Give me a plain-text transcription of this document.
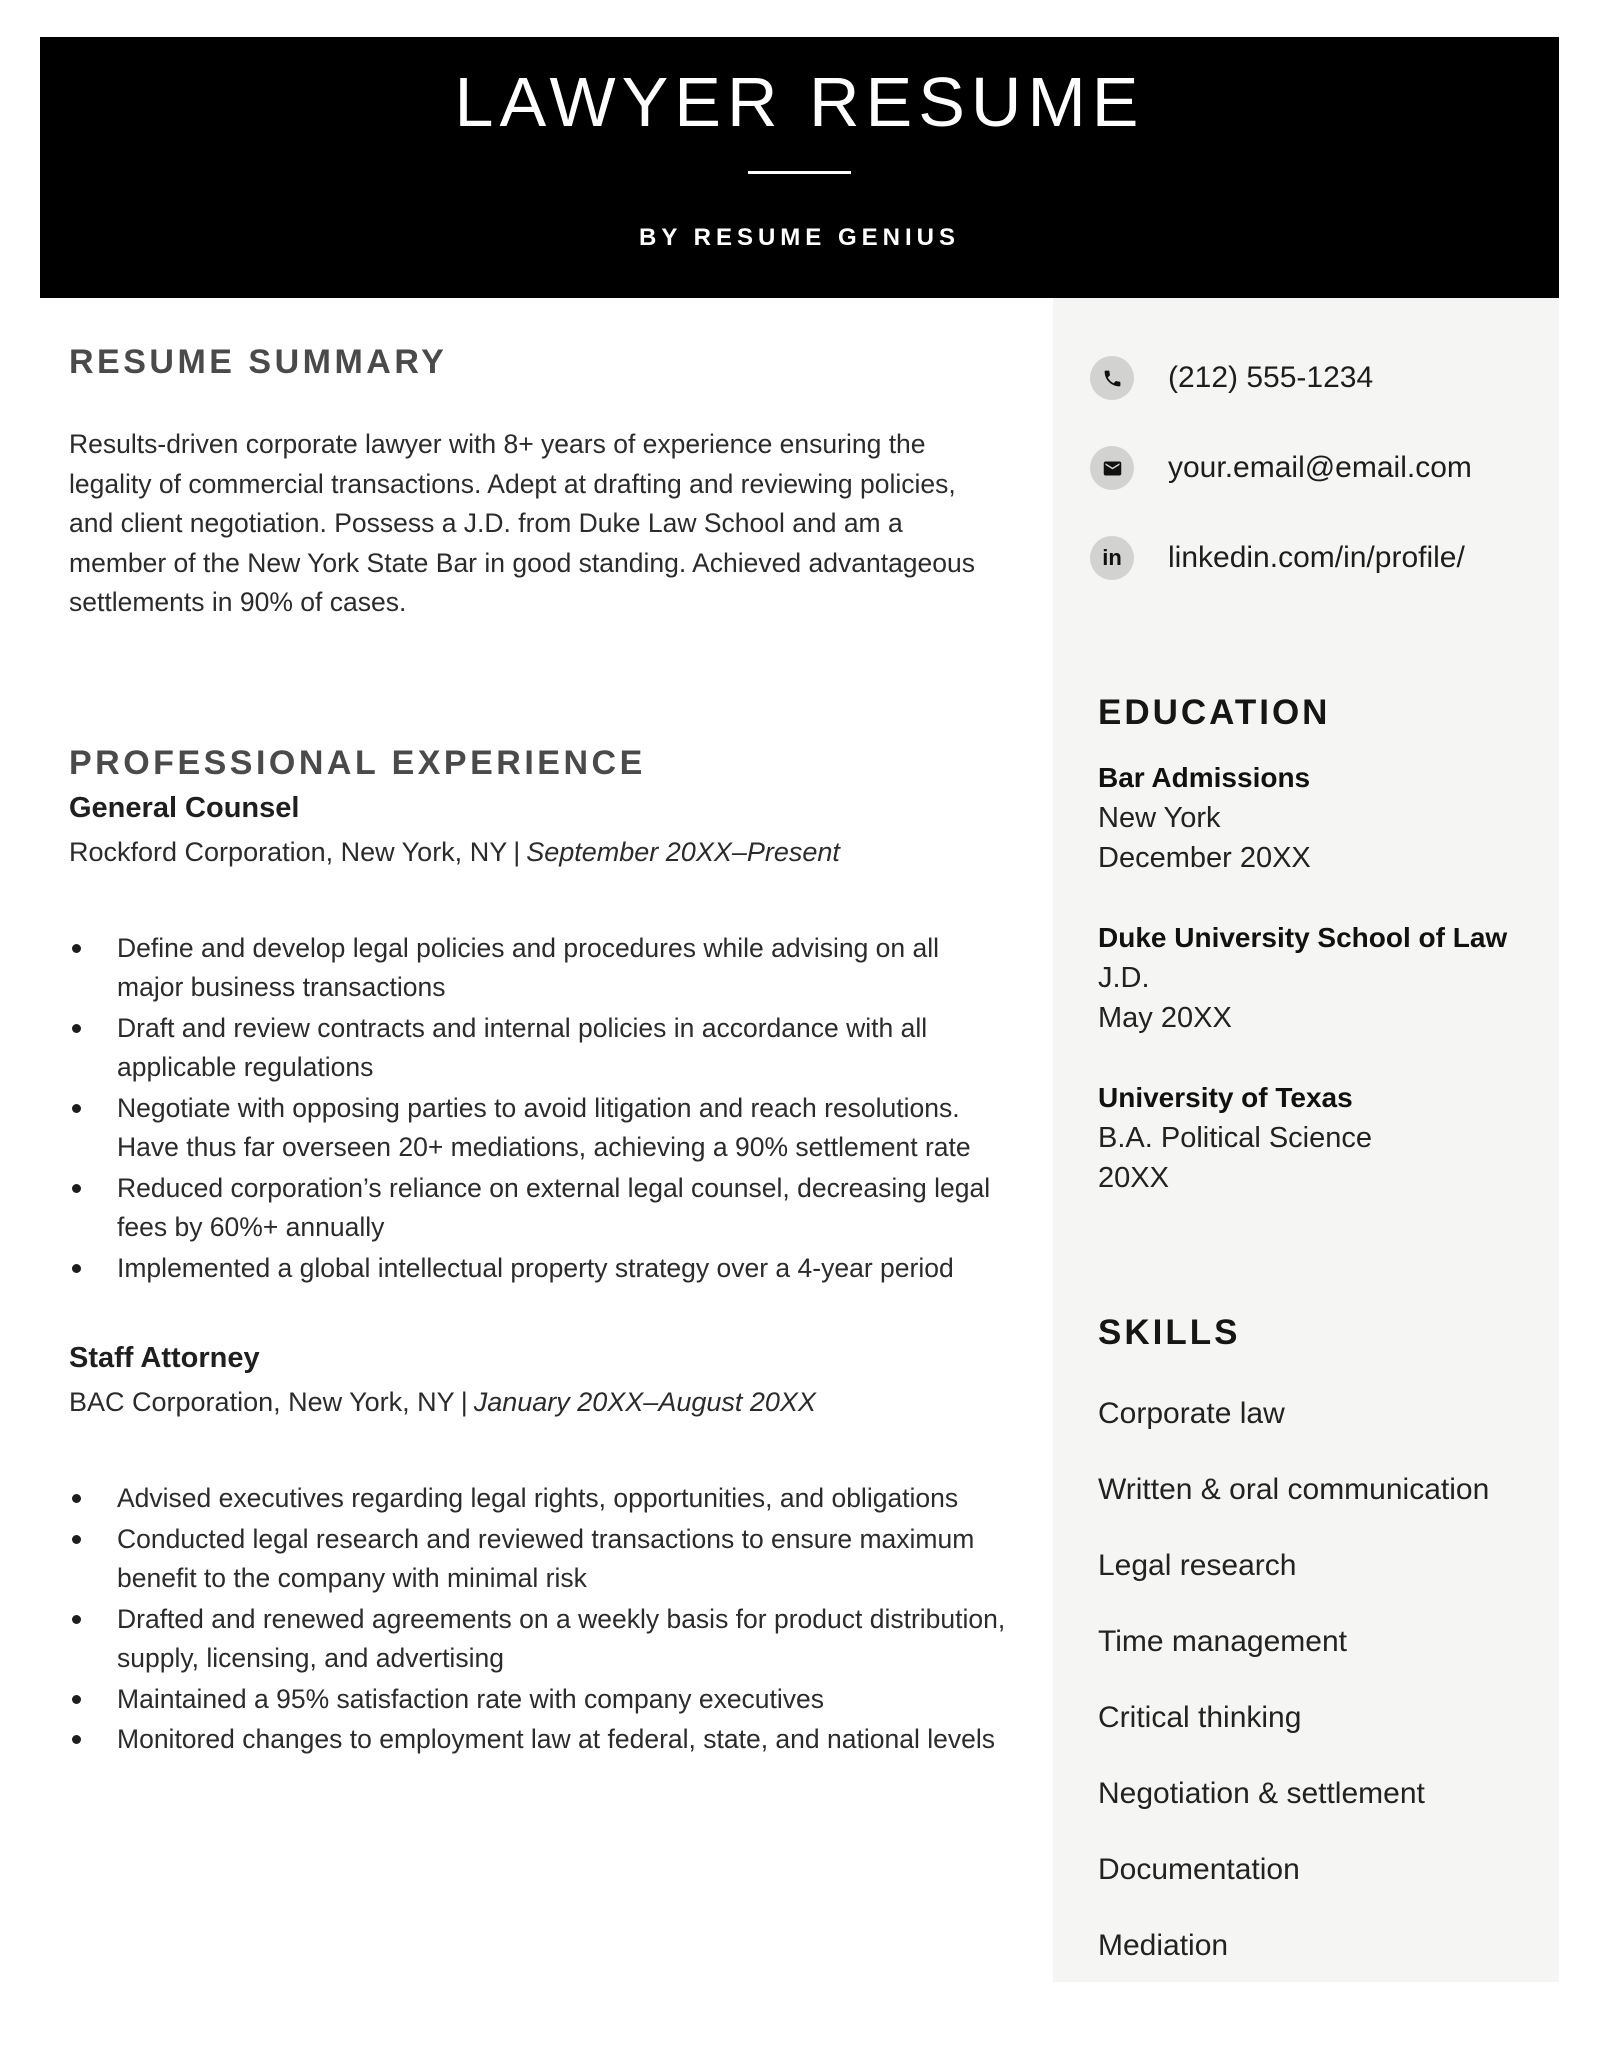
LAWYER RESUME
BY RESUME GENIUS
RESUME SUMMARY

Results-driven corporate lawyer with 8+ years of experience ensuring the legality of commercial transactions. Adept at drafting and reviewing policies, and client negotiation. Possess a J.D. from Duke Law School and am a member of the New York State Bar in good standing. Achieved advantageous settlements in 90% of cases.

PROFESSIONAL EXPERIENCE
General Counsel

Rockford Corporation, New York, NY | September 20XX–Present

Define and develop legal policies and procedures while advising on all major business transactions
Draft and review contracts and internal policies in accordance with all applicable regulations
Negotiate with opposing parties to avoid litigation and reach resolutions. Have thus far overseen 20+ mediations, achieving a 90% settlement rate
Reduced corporation’s reliance on external legal counsel, decreasing legal fees by 60%+ annually
Implemented a global intellectual property strategy over a 4-year period
Staff Attorney

BAC Corporation, New York, NY | January 20XX–August 20XX

Advised executives regarding legal rights, opportunities, and obligations
Conducted legal research and reviewed transactions to ensure maximum benefit to the company with minimal risk
Drafted and renewed agreements on a weekly basis for product distribution, supply, licensing, and advertising
Maintained a 95% satisfaction rate with company executives
Monitored changes to employment law at federal, state, and national levels
(212) 555-1234
your.email@email.com
in linkedin.com/in/profile/
EDUCATION
Bar Admissions
New York
December 20XX
Duke University School of Law
J.D.
May 20XX
University of Texas
B.A. Political Science
20XX
SKILLS
Corporate law
Written & oral communication
Legal research
Time management
Critical thinking
Negotiation & settlement
Documentation
Mediation
